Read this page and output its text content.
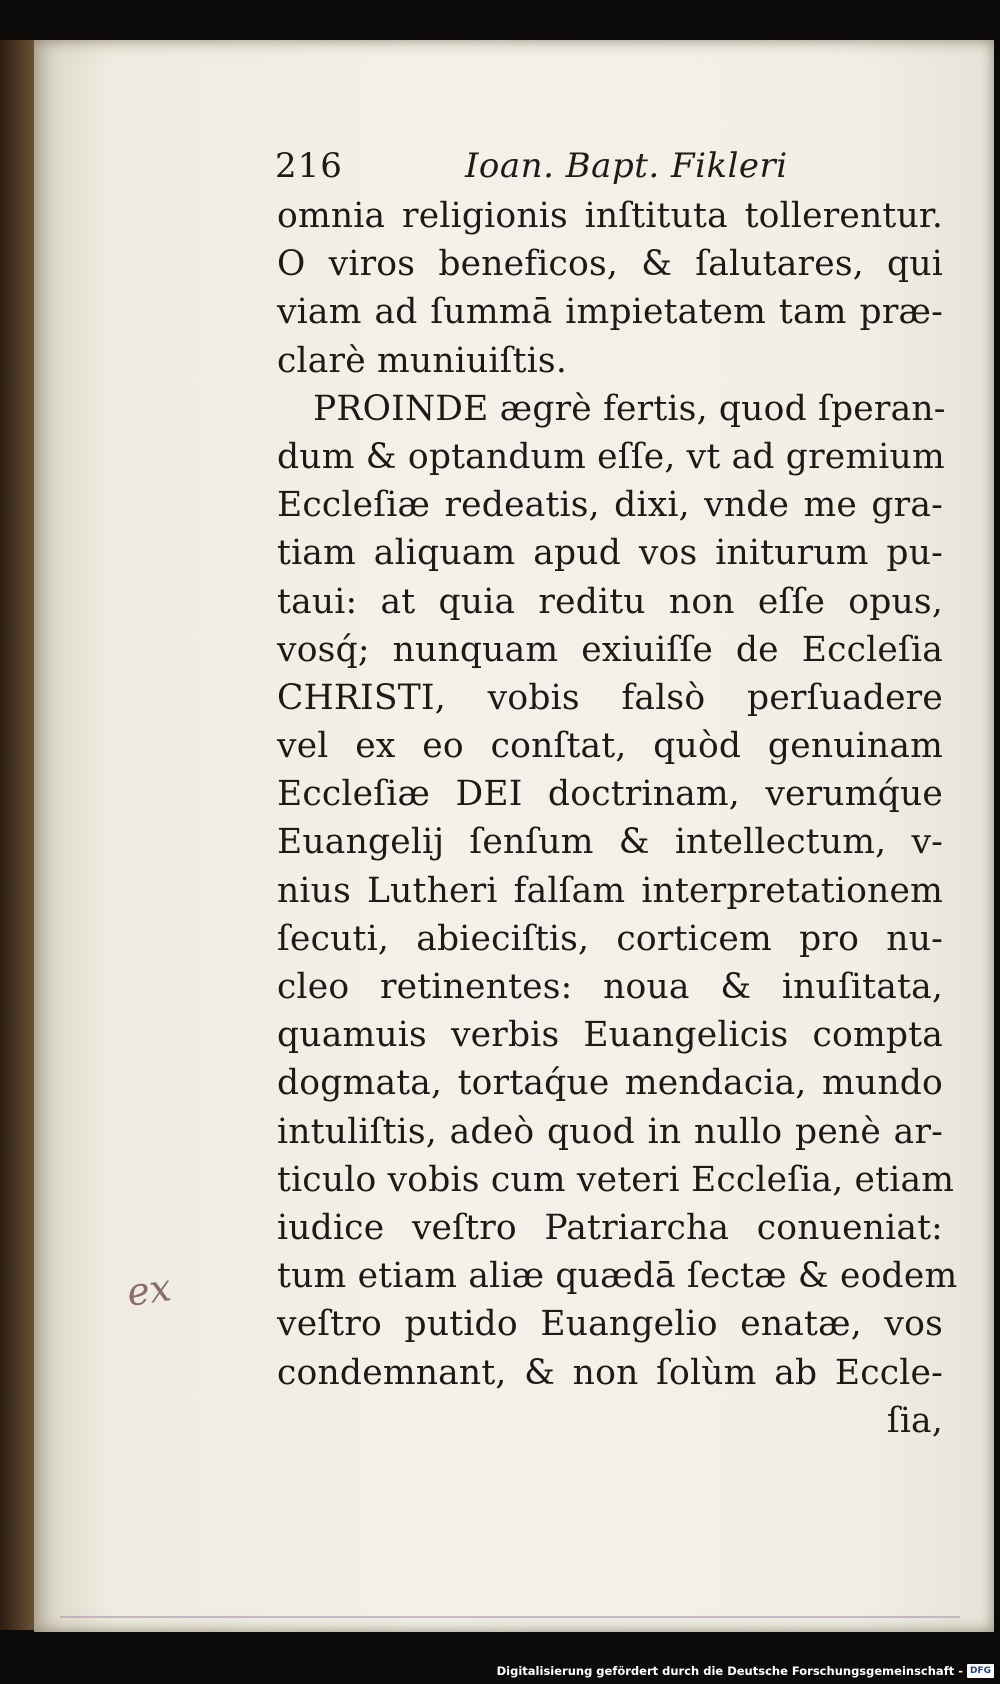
216	Ioan. Bapt. Fikleri
omnia religionis inſtituta tollerentur.
O viros beneficos, & ſalutares, qui
viam ad ſummā impietatem tam præ-
clarè muniuiſtis.
PROINDE ægrè fertis, quod ſperan-
dum & optandum eſſe, vt ad gremium
Eccleſiæ redeatis, dixi, vnde me gra-
tiam aliquam apud vos initurum pu-
taui: at quia reditu non eſſe opus,
vosq́; nunquam exiuiſſe de Eccleſia
CHRISTI, vobis falsò perſuadere
vel ex eo conſtat, quòd genuinam
Eccleſiæ DEI doctrinam, verumq́ue
Euangelij ſenſum & intellectum, v-
nius Lutheri falſam interpretationem
ſecuti, abieciſtis, corticem pro nu-
cleo retinentes: noua & inuſitata,
quamuis verbis Euangelicis compta
dogmata, tortaq́ue mendacia, mundo
intuliſtis, adeò quod in nullo penè ar-
ticulo vobis cum veteri Eccleſia, etiam
iudice veſtro Patriarcha conueniat:
tum etiam aliæ quædā ſectæ & eodem
veſtro putido Euangelio enatæ, vos
condemnant, & non ſolùm ab Eccle-
ſia,
ex
Digitalisierung gefördert durch die Deutsche Forschungsgemeinschaft - DFG
